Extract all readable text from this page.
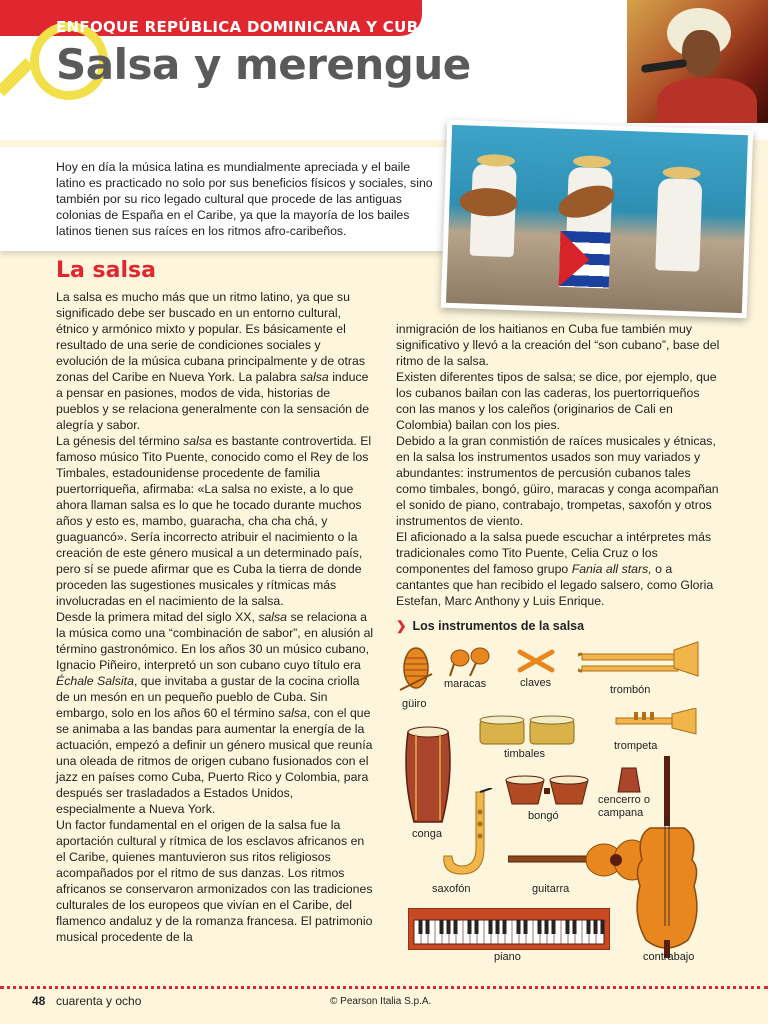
ENFOQUE REPÚBLICA DOMINICANA Y CUBA
Salsa y merengue

Hoy en día la música latina es mundialmente apreciada y el baile latino es practicado no solo por sus beneficios físicos y sociales, sino también por su rico legado cultural que procede de las antiguas colonias de España en el Caribe, ya que la mayoría de los bailes latinos tienen sus raíces en los ritmos afro-caribeños.

La salsa

La salsa es mucho más que un ritmo latino, ya que su significado debe ser buscado en un entorno cultural, étnico y armónico mixto y popular. Es básicamente el resultado de una serie de condiciones sociales y evolución de la música cubana principalmente y de otras zonas del Caribe en Nueva York. La palabra salsa induce a pensar en pasiones, modos de vida, historias de pueblos y se relaciona generalmente con la sensación de alegría y sabor.

La génesis del término salsa es bastante controvertida. El famoso músico Tito Puente, conocido como el Rey de los Timbales, estadounidense procedente de familia puertorriqueña, afirmaba: «La salsa no existe, a lo que ahora llaman salsa es lo que he tocado durante muchos años y esto es, mambo, guaracha, cha cha chá, y guaguancó». Sería incorrecto atribuir el nacimiento o la creación de este género musical a un determinado país, pero sí se puede afirmar que es Cuba la tierra de donde proceden las sugestiones musicales y rítmicas más involucradas en el nacimiento de la salsa.

Desde la primera mitad del siglo XX, salsa se relaciona a la música como una “combinación de sabor”, en alusión al término gastronómico. En los años 30 un músico cubano, Ignacio Piñeiro, interpretó un son cubano cuyo título era Échale Salsita, que invitaba a gustar de la cocina criolla de un mesón en un pequeño pueblo de Cuba. Sin embargo, solo en los años 60 el término salsa, con el que se animaba a las bandas para aumentar la energía de la actuación, empezó a definir un género musical que reunía una oleada de ritmos de origen cubano fusionados con el jazz en países como Cuba, Puerto Rico y Colombia, para después ser trasladados a Estados Unidos, especialmente a Nueva York.

Un factor fundamental en el origen de la salsa fue la aportación cultural y rítmica de los esclavos africanos en el Caribe, quienes mantuvieron sus ritos religiosos acompañados por el ritmo de sus danzas. Los ritmos africanos se conservaron armonizados con las tradiciones culturales de los europeos que vivían en el Caribe, del flamenco andaluz y de la romanza francesa. El patrimonio musical procedente de la

inmigración de los haitianos en Cuba fue también muy significativo y llevó a la creación del “son cubano”, base del ritmo de la salsa.

Existen diferentes tipos de salsa; se dice, por ejemplo, que los cubanos bailan con las caderas, los puertorriqueños con las manos y los caleños (originarios de Cali en Colombia) bailan con los pies.

Debido a la gran conmistión de raíces musicales y étnicas, en la salsa los instrumentos usados son muy variados y abundantes: instrumentos de percusión cubanos tales como timbales, bongó, güiro, maracas y conga acompañan el sonido de piano, contrabajo, trompetas, saxofón y otros instrumentos de viento.

El aficionado a la salsa puede escuchar a intérpretes más tradicionales como Tito Puente, Celia Cruz o los componentes del famoso grupo Fania all stars, o a cantantes que han recibido el legado salsero, como Gloria Estefan, Marc Anthony y Luis Enrique.

❯ Los instrumentos de la salsa
güiro
maracas	claves
trombón
timbales
trompeta
conga
bongó
cencerro o
campana
saxofón	guitarra
contrabajo
piano
48 cuarenta y ocho	© Pearson Italia S.p.A.
